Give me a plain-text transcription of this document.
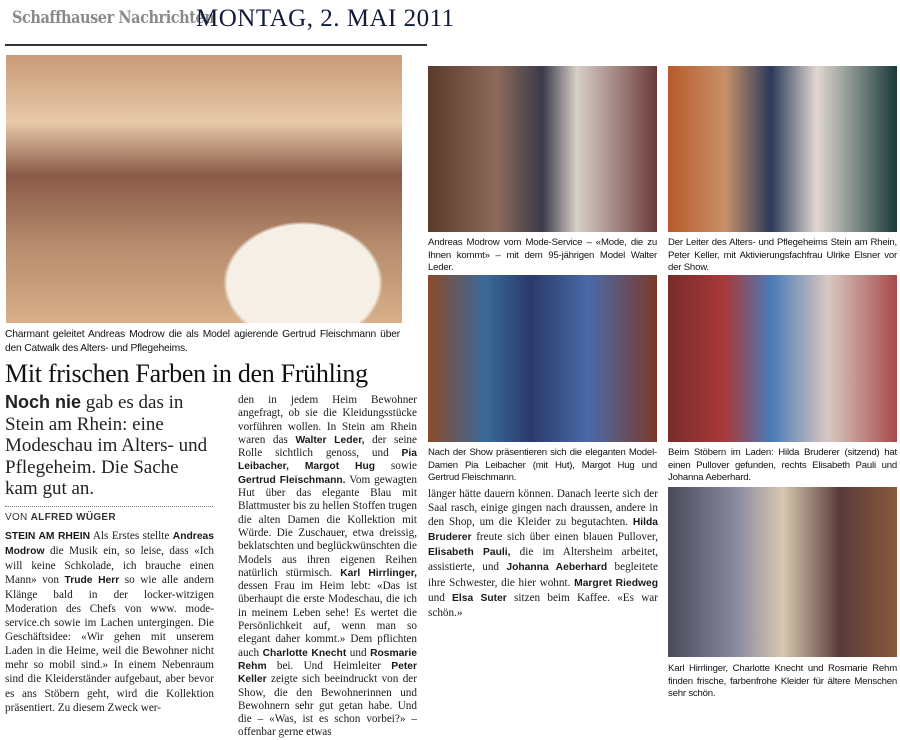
Schaffhauser Nachrichten
MONTAG, 2. MAI 2011
Andreas Modrow vom Mode-Service – «Mode, die zu Ihnen kommt» – mit dem 95-jährigen Model Walter Leder.
Der Leiter des Alters- und Pflegeheims Stein am Rhein, Peter Keller, mit Aktivierungsfachfrau Ulrike Elsner vor der Show.
Nach der Show präsentieren sich die eleganten Model-Damen Pia Leibacher (mit Hut), Margot Hug und Gertrud Fleischmann.
Beim Stöbern im Laden: Hilda Bruderer (sitzend) hat einen Pullover gefunden, rechts Elisabeth Pauli und Johanna Aeberhard.
Karl Hirrlinger, Charlotte Knecht und Rosmarie Rehm finden frische, farbenfrohe Kleider für ältere Menschen sehr schön.
Charmant geleitet Andreas Modrow die als Model agierende Gertrud Fleischmann über den Catwalk des Alters- und Pflegeheims.
Mit frischen Farben in den Frühling
Noch nie gab es das in Stein am Rhein: eine Modeschau im Alters- und Pflegeheim. Die Sache kam gut an.
VON ALFRED WÜGER
STEIN AM RHEIN Als Erstes stellte Andreas Modrow die Musik ein, so leise, dass «Ich will keine Schkolade, ich brauche einen Mann» von Trude Herr so wie alle andern Klänge bald in der locker-witzigen Moderation des Chefs von www. mode-service.ch sowie im Lachen untergingen. Die Geschäftsidee: «Wir gehen mit unserem Laden in die Heime, weil die Bewohner nicht mehr so mobil sind.» In einem Nebenraum sind die Kleiderständer aufgebaut, aber bevor es ans Stöbern geht, wird die Kollektion präsentiert. Zu diesem Zweck wer-
den in jedem Heim Bewohner angefragt, ob sie die Kleidungsstücke vorführen wollen. In Stein am Rhein waren das Walter Leder, der seine Rolle sichtlich genoss, und Pia Leibacher, Margot Hug sowie Gertrud Fleischmann. Vom gewagten Hut über das elegante Blau mit Blattmuster bis zu hellen Stoffen trugen die alten Damen die Kollektion mit Würde. Die Zuschauer, etwa dreissig, beklatschten und beglückwünschten die Models aus ihren eigenen Reihen natürlich stürmisch. Karl Hirrlinger, dessen Frau im Heim lebt: «Das ist überhaupt die erste Modeschau, die ich in meinem Leben sehe! Es wertet die Persönlichkeit auf, wenn man so elegant daher kommt.» Dem pflichten auch Charlotte Knecht und Rosmarie Rehm bei. Und Heimleiter Peter Keller zeigte sich beeindruckt von der Show, die den Bewohnerinnen und Bewohnern sehr gut getan habe. Und die – «Was, ist es schon vorbei?» – offenbar gerne etwas
länger hätte dauern können. Danach leerte sich der Saal rasch, einige gingen nach draussen, andere in den Shop, um die Kleider zu begutachten. Hilda Bruderer freute sich über einen blauen Pullover, Elisabeth Pauli, die im Altersheim arbeitet, assistierte, und Johanna Aeberhard begleitete ihre Schwester, die hier wohnt. Margret Riedweg und Elsa Suter sitzen beim Kaffee. «Es war schön.»
